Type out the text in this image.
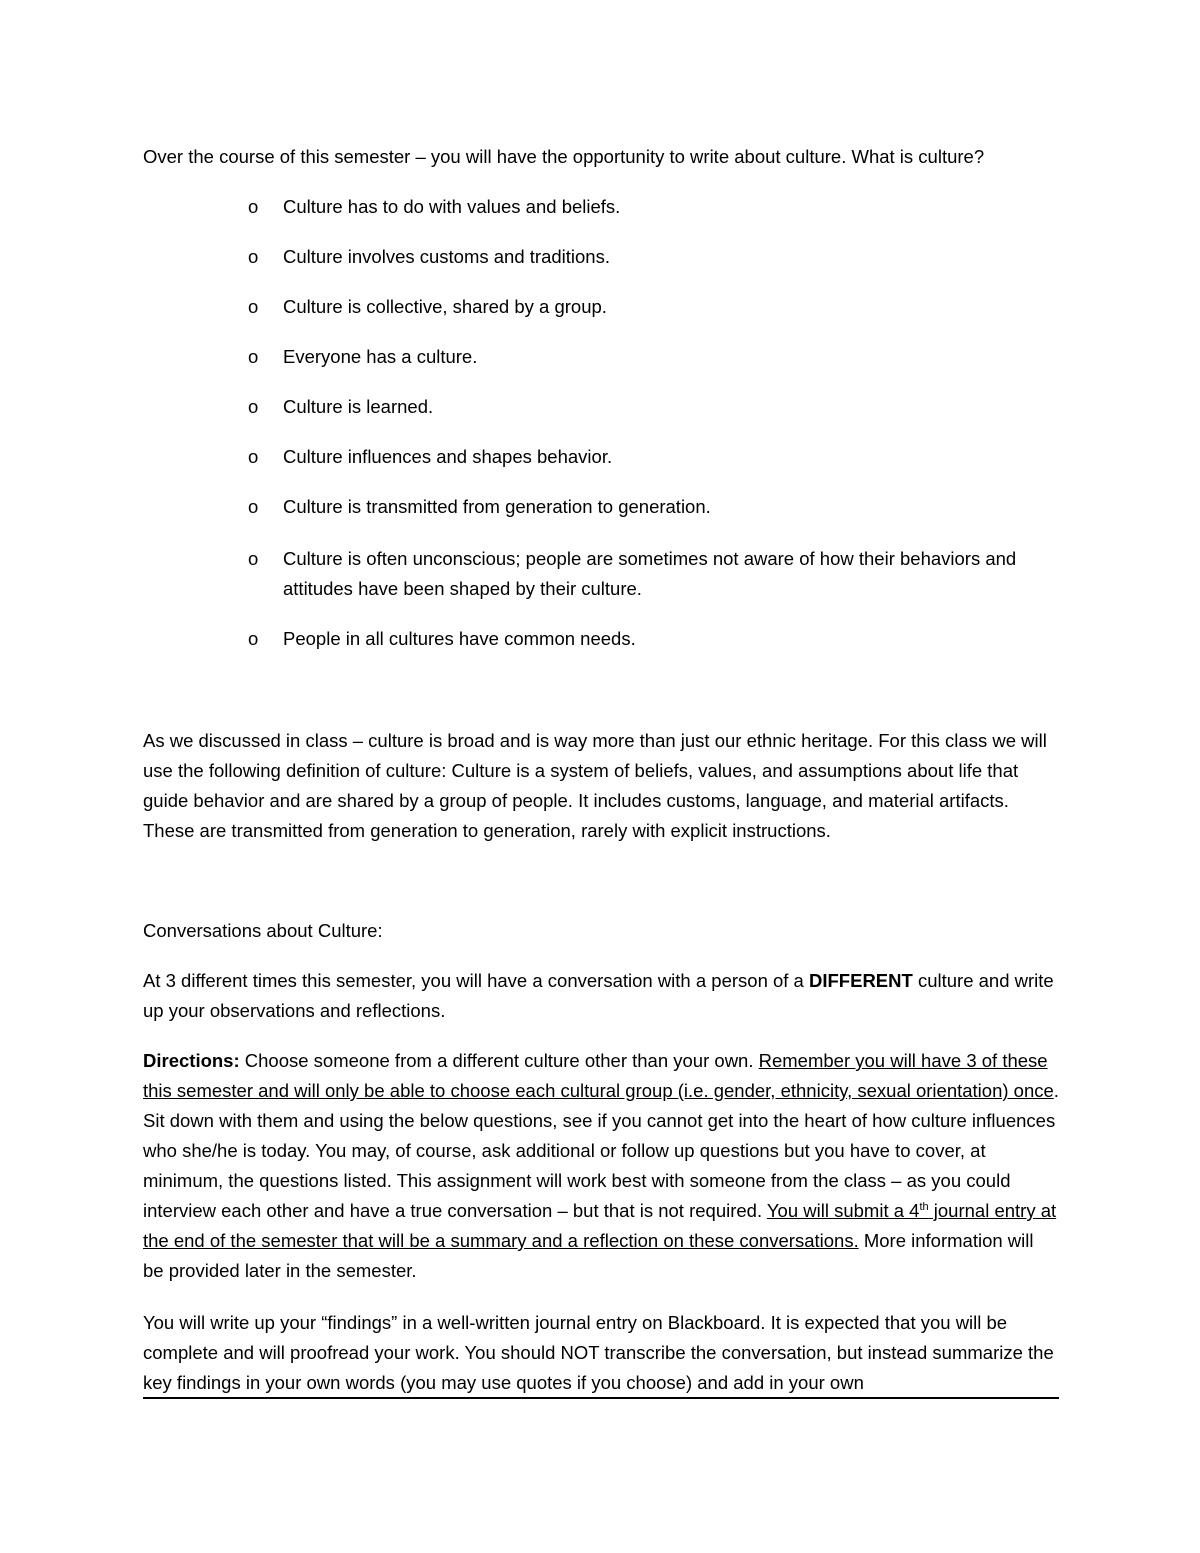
Over the course of this semester – you will have the opportunity to write about culture. What is culture?

o Culture has to do with values and beliefs.
o Culture involves customs and traditions.
o Culture is collective, shared by a group.
o Everyone has a culture.
o Culture is learned.
o Culture influences and shapes behavior.
o Culture is transmitted from generation to generation.
o Culture is often unconscious; people are sometimes not aware of how their behaviors and attitudes have been shaped by their culture.
o People in all cultures have common needs.

As we discussed in class – culture is broad and is way more than just our ethnic heritage. For this class we will use the following definition of culture: Culture is a system of beliefs, values, and assumptions about life that guide behavior and are shared by a group of people. It includes customs, language, and material artifacts. These are transmitted from generation to generation, rarely with explicit instructions.

Conversations about Culture:

At 3 different times this semester, you will have a conversation with a person of a DIFFERENT culture and write up your observations and reflections.

Directions: Choose someone from a different culture other than your own. Remember you will have 3 of these this semester and will only be able to choose each cultural group (i.e. gender, ethnicity, sexual orientation) once. Sit down with them and using the below questions, see if you cannot get into the heart of how culture influences who she/he is today. You may, of course, ask additional or follow up questions but you have to cover, at minimum, the questions listed. This assignment will work best with someone from the class – as you could interview each other and have a true conversation – but that is not required. You will submit a 4th journal entry at the end of the semester that will be a summary and a reflection on these conversations. More information will be provided later in the semester.

You will write up your “findings” in a well-written journal entry on Blackboard. It is expected that you will be complete and will proofread your work. You should NOT transcribe the conversation, but instead summarize the key findings in your own words (you may use quotes if you choose) and add in your own
